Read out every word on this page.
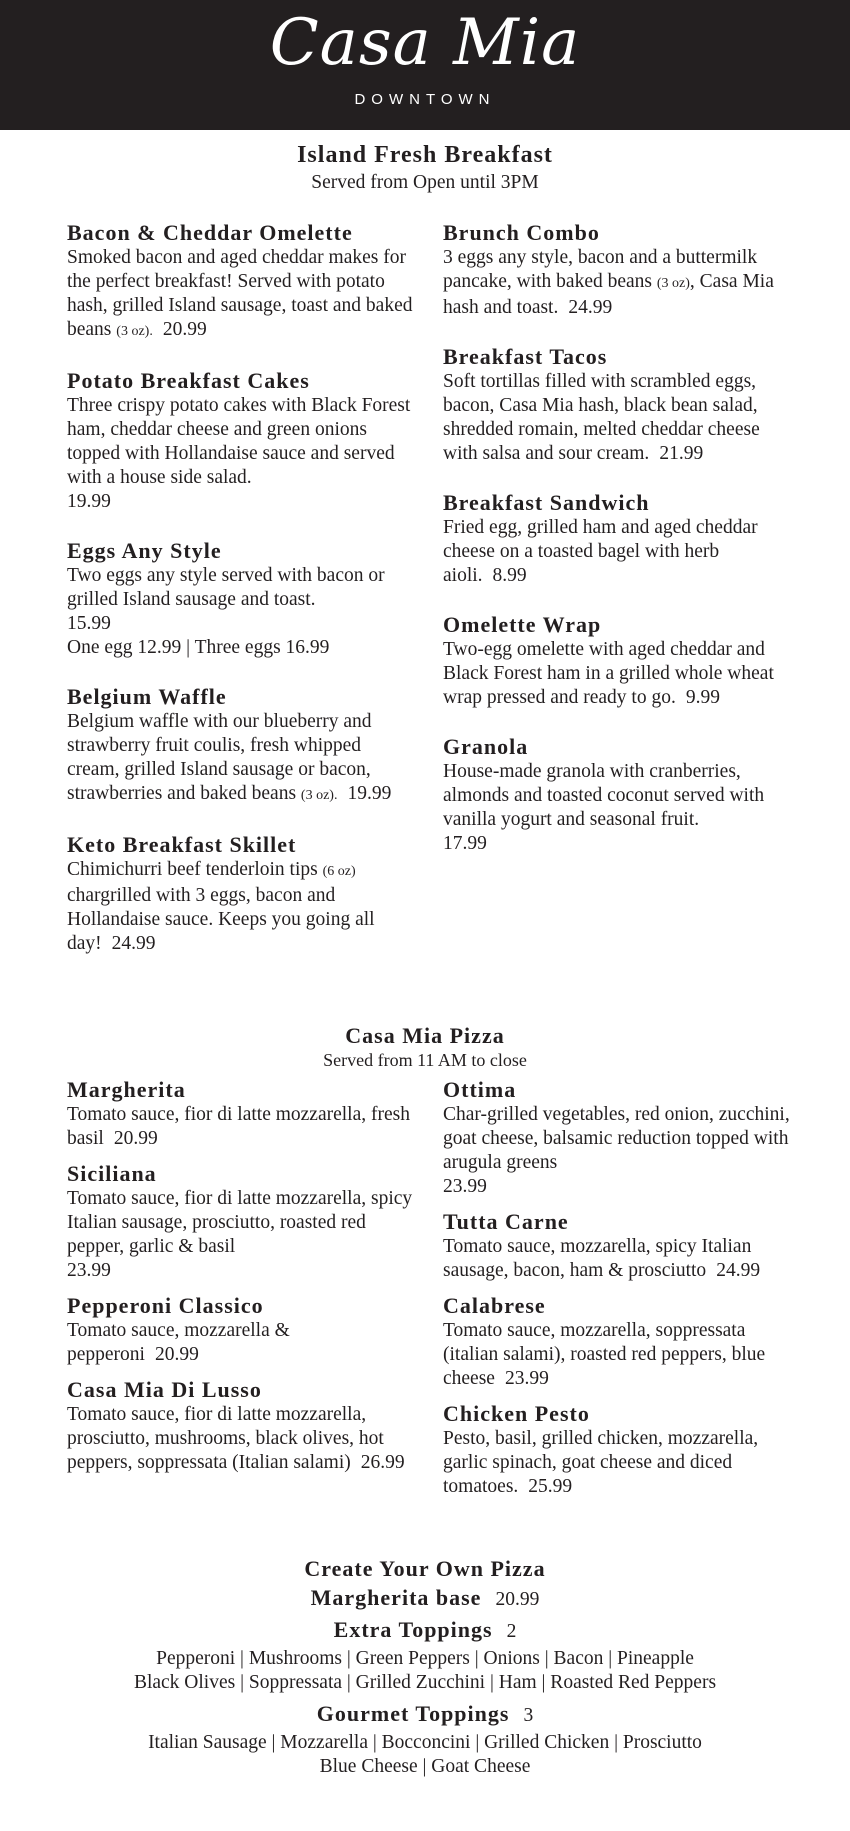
Casa Mia
DOWNTOWN
Island Fresh Breakfast
Served from Open until 3PM
Bacon & Cheddar Omelette
Smoked bacon and aged cheddar makes for the perfect breakfast! Served with potato hash, grilled Island sausage, toast and baked beans (3 oz). 20.99
Potato Breakfast Cakes
Three crispy potato cakes with Black Forest ham, cheddar cheese and green onions topped with Hollandaise sauce and served with a house side salad.
19.99
Eggs Any Style
Two eggs any style served with bacon or grilled Island sausage and toast.
15.99
One egg 12.99 | Three eggs 16.99
Belgium Waffle
Belgium waffle with our blueberry and strawberry fruit coulis, fresh whipped cream, grilled Island sausage or bacon, strawberries and baked beans (3 oz). 19.99
Keto Breakfast Skillet
Chimichurri beef tenderloin tips (6 oz) chargrilled with 3 eggs, bacon and Hollandaise sauce. Keeps you going all day! 24.99
Brunch Combo
3 eggs any style, bacon and a buttermilk pancake, with baked beans (3 oz), Casa Mia hash and toast. 24.99
Breakfast Tacos
Soft tortillas filled with scrambled eggs, bacon, Casa Mia hash, black bean salad, shredded romain, melted cheddar cheese with salsa and sour cream. 21.99
Breakfast Sandwich
Fried egg, grilled ham and aged cheddar cheese on a toasted bagel with herb aioli. 8.99
Omelette Wrap
Two-egg omelette with aged cheddar and Black Forest ham in a grilled whole wheat wrap pressed and ready to go. 9.99
Granola
House-made granola with cranberries, almonds and toasted coconut served with vanilla yogurt and seasonal fruit.
17.99
Casa Mia Pizza
Served from 11 AM to close
Margherita
Tomato sauce, fior di latte mozzarella, fresh basil 20.99
Siciliana
Tomato sauce, fior di latte mozzarella, spicy Italian sausage, prosciutto, roasted red pepper, garlic & basil
23.99
Pepperoni Classico
Tomato sauce, mozzarella & pepperoni 20.99
Casa Mia Di Lusso
Tomato sauce, fior di latte mozzarella, prosciutto, mushrooms, black olives, hot peppers, soppressata (Italian salami) 26.99
Ottima
Char-grilled vegetables, red onion, zucchini, goat cheese, balsamic reduction topped with arugula greens
23.99
Tutta Carne
Tomato sauce, mozzarella, spicy Italian sausage, bacon, ham & prosciutto 24.99
Calabrese
Tomato sauce, mozzarella, soppressata (italian salami), roasted red peppers, blue cheese 23.99
Chicken Pesto
Pesto, basil, grilled chicken, mozzarella, garlic spinach, goat cheese and diced tomatoes. 25.99
Create Your Own Pizza
Margherita base 20.99
Extra Toppings 2
Pepperoni | Mushrooms | Green Peppers | Onions | Bacon | Pineapple
Black Olives | Soppressata | Grilled Zucchini | Ham | Roasted Red Peppers
Gourmet Toppings 3
Italian Sausage | Mozzarella | Bocconcini | Grilled Chicken | Prosciutto
Blue Cheese | Goat Cheese
